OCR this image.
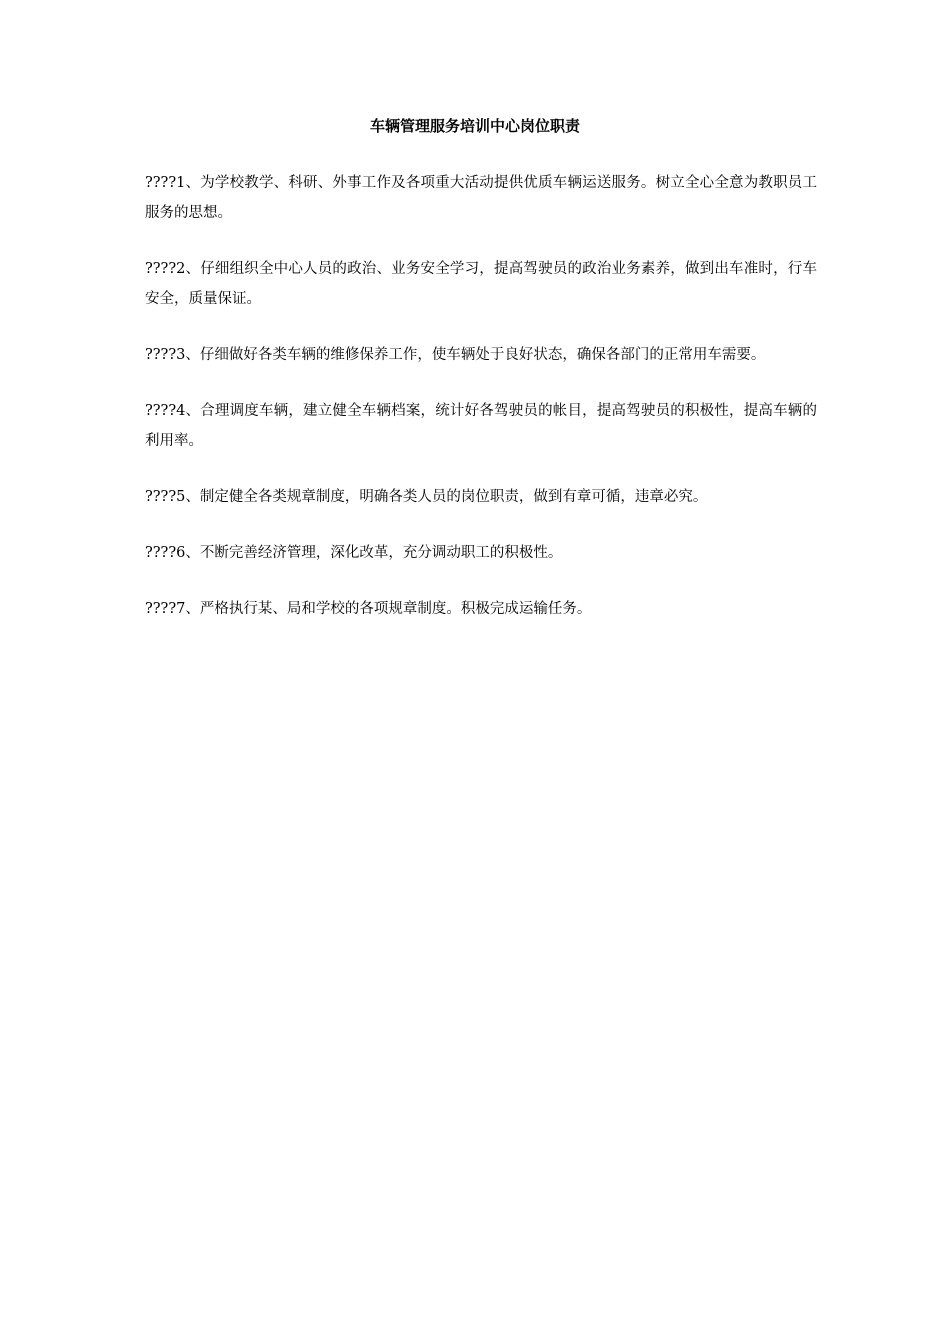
车辆管理服务培训中心岗位职责

????1、为学校教学、科研、外事工作及各项重大活动提供优质车辆运送服务。树立全心全意为教职员工服务的思想。

????2、仔细组织全中心人员的政治、业务安全学习，提高驾驶员的政治业务素养，做到出车准时，行车安全，质量保证。

????3、仔细做好各类车辆的维修保养工作，使车辆处于良好状态，确保各部门的正常用车需要。

????4、合理调度车辆，建立健全车辆档案，统计好各驾驶员的帐目，提高驾驶员的积极性，提高车辆的利用率。

????5、制定健全各类规章制度，明确各类人员的岗位职责，做到有章可循，违章必究。

????6、不断完善经济管理，深化改革，充分调动职工的积极性。

????7、严格执行某、局和学校的各项规章制度。积极完成运输任务。
